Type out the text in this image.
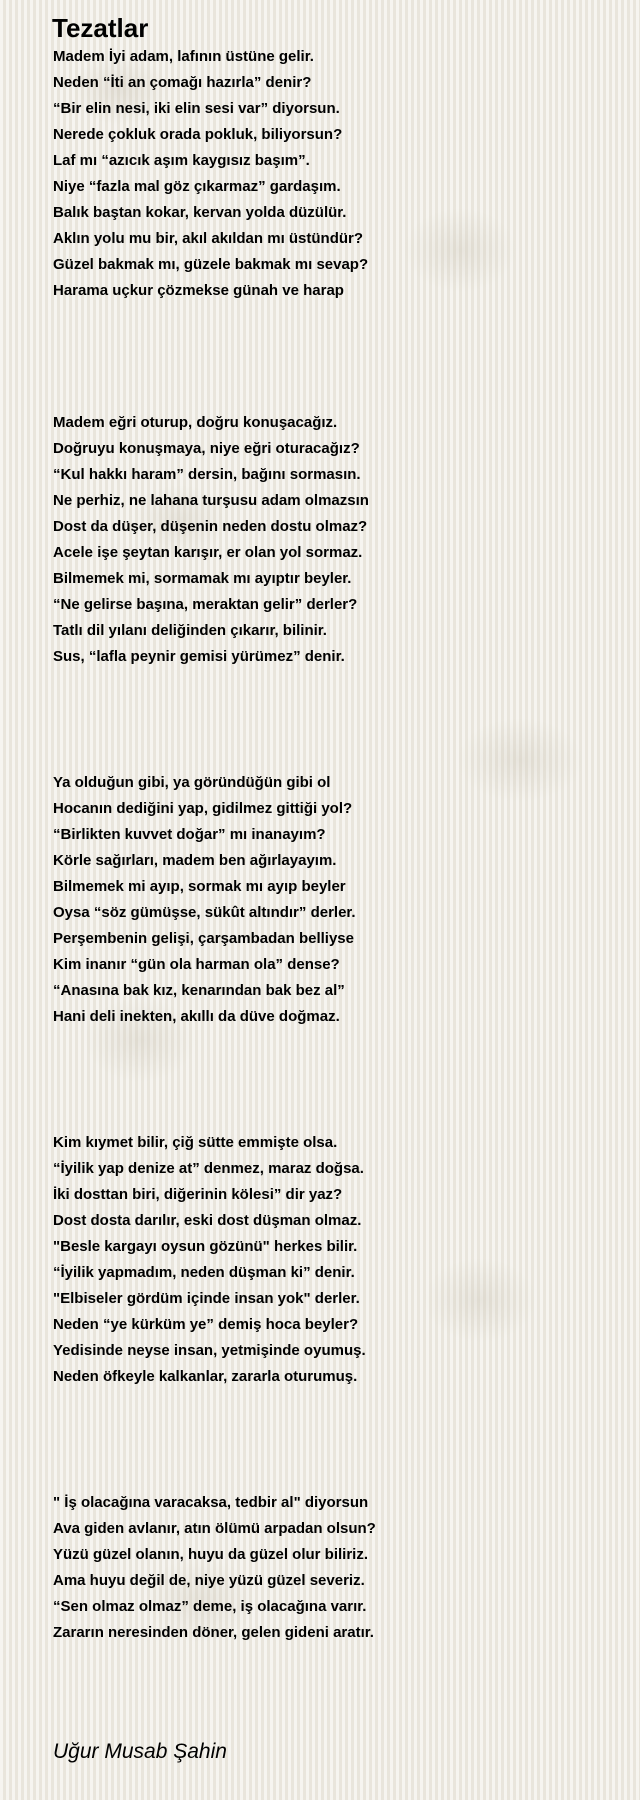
Tezatlar
Madem İyi adam, lafının üstüne gelir.
Neden “İti an çomağı hazırla” denir?
“Bir elin nesi, iki elin sesi var” diyorsun.
Nerede çokluk orada pokluk, biliyorsun?
Laf mı “azıcık aşım kaygısız başım”.
Niye “fazla mal göz çıkarmaz” gardaşım.
Balık baştan kokar, kervan yolda düzülür.
Aklın yolu mu bir, akıl akıldan mı üstündür?
Güzel bakmak mı, güzele bakmak mı sevap?
Harama uçkur çözmekse günah ve harap
Madem eğri oturup, doğru konuşacağız.
Doğruyu konuşmaya, niye eğri oturacağız?
“Kul hakkı haram” dersin, bağını sormasın.
Ne perhiz, ne lahana turşusu adam olmazsın
Dost da düşer, düşenin neden dostu olmaz?
Acele işe şeytan karışır, er olan yol sormaz.
Bilmemek mi, sormamak mı ayıptır beyler.
“Ne gelirse başına, meraktan gelir” derler?
Tatlı dil yılanı deliğinden çıkarır, bilinir.
Sus, “lafla peynir gemisi yürümez” denir.
Ya olduğun gibi, ya göründüğün gibi ol
Hocanın dediğini yap, gidilmez gittiği yol?
“Birlikten kuvvet doğar” mı inanayım?
Körle sağırları, madem ben ağırlayayım.
Bilmemek mi ayıp, sormak mı ayıp beyler
Oysa “söz gümüşse, sükût altındır” derler.
Perşembenin gelişi, çarşambadan belliyse
Kim inanır “gün ola harman ola” dense?
“Anasına bak kız, kenarından bak bez al”
Hani deli inekten, akıllı da düve doğmaz.
Kim kıymet bilir, çiğ sütte emmişte olsa.
“İyilik yap denize at” denmez, maraz doğsa.
İki dosttan biri, diğerinin kölesi” dir yaz?
Dost dosta darılır, eski dost düşman olmaz.
"Besle kargayı oysun gözünü" herkes bilir.
“İyilik yapmadım, neden düşman ki” denir.
"Elbiseler gördüm içinde insan yok" derler.
Neden “ye kürküm ye” demiş hoca beyler?
Yedisinde neyse insan, yetmişinde oyumuş.
Neden öfkeyle kalkanlar, zararla oturumuş.
" İş olacağına varacaksa, tedbir al" diyorsun
Ava giden avlanır, atın ölümü arpadan olsun?
Yüzü güzel olanın, huyu da güzel olur biliriz.
Ama huyu değil de, niye yüzü güzel severiz.
“Sen olmaz olmaz” deme, iş olacağına varır.
Zararın neresinden döner, gelen gideni aratır.
Uğur Musab Şahin
